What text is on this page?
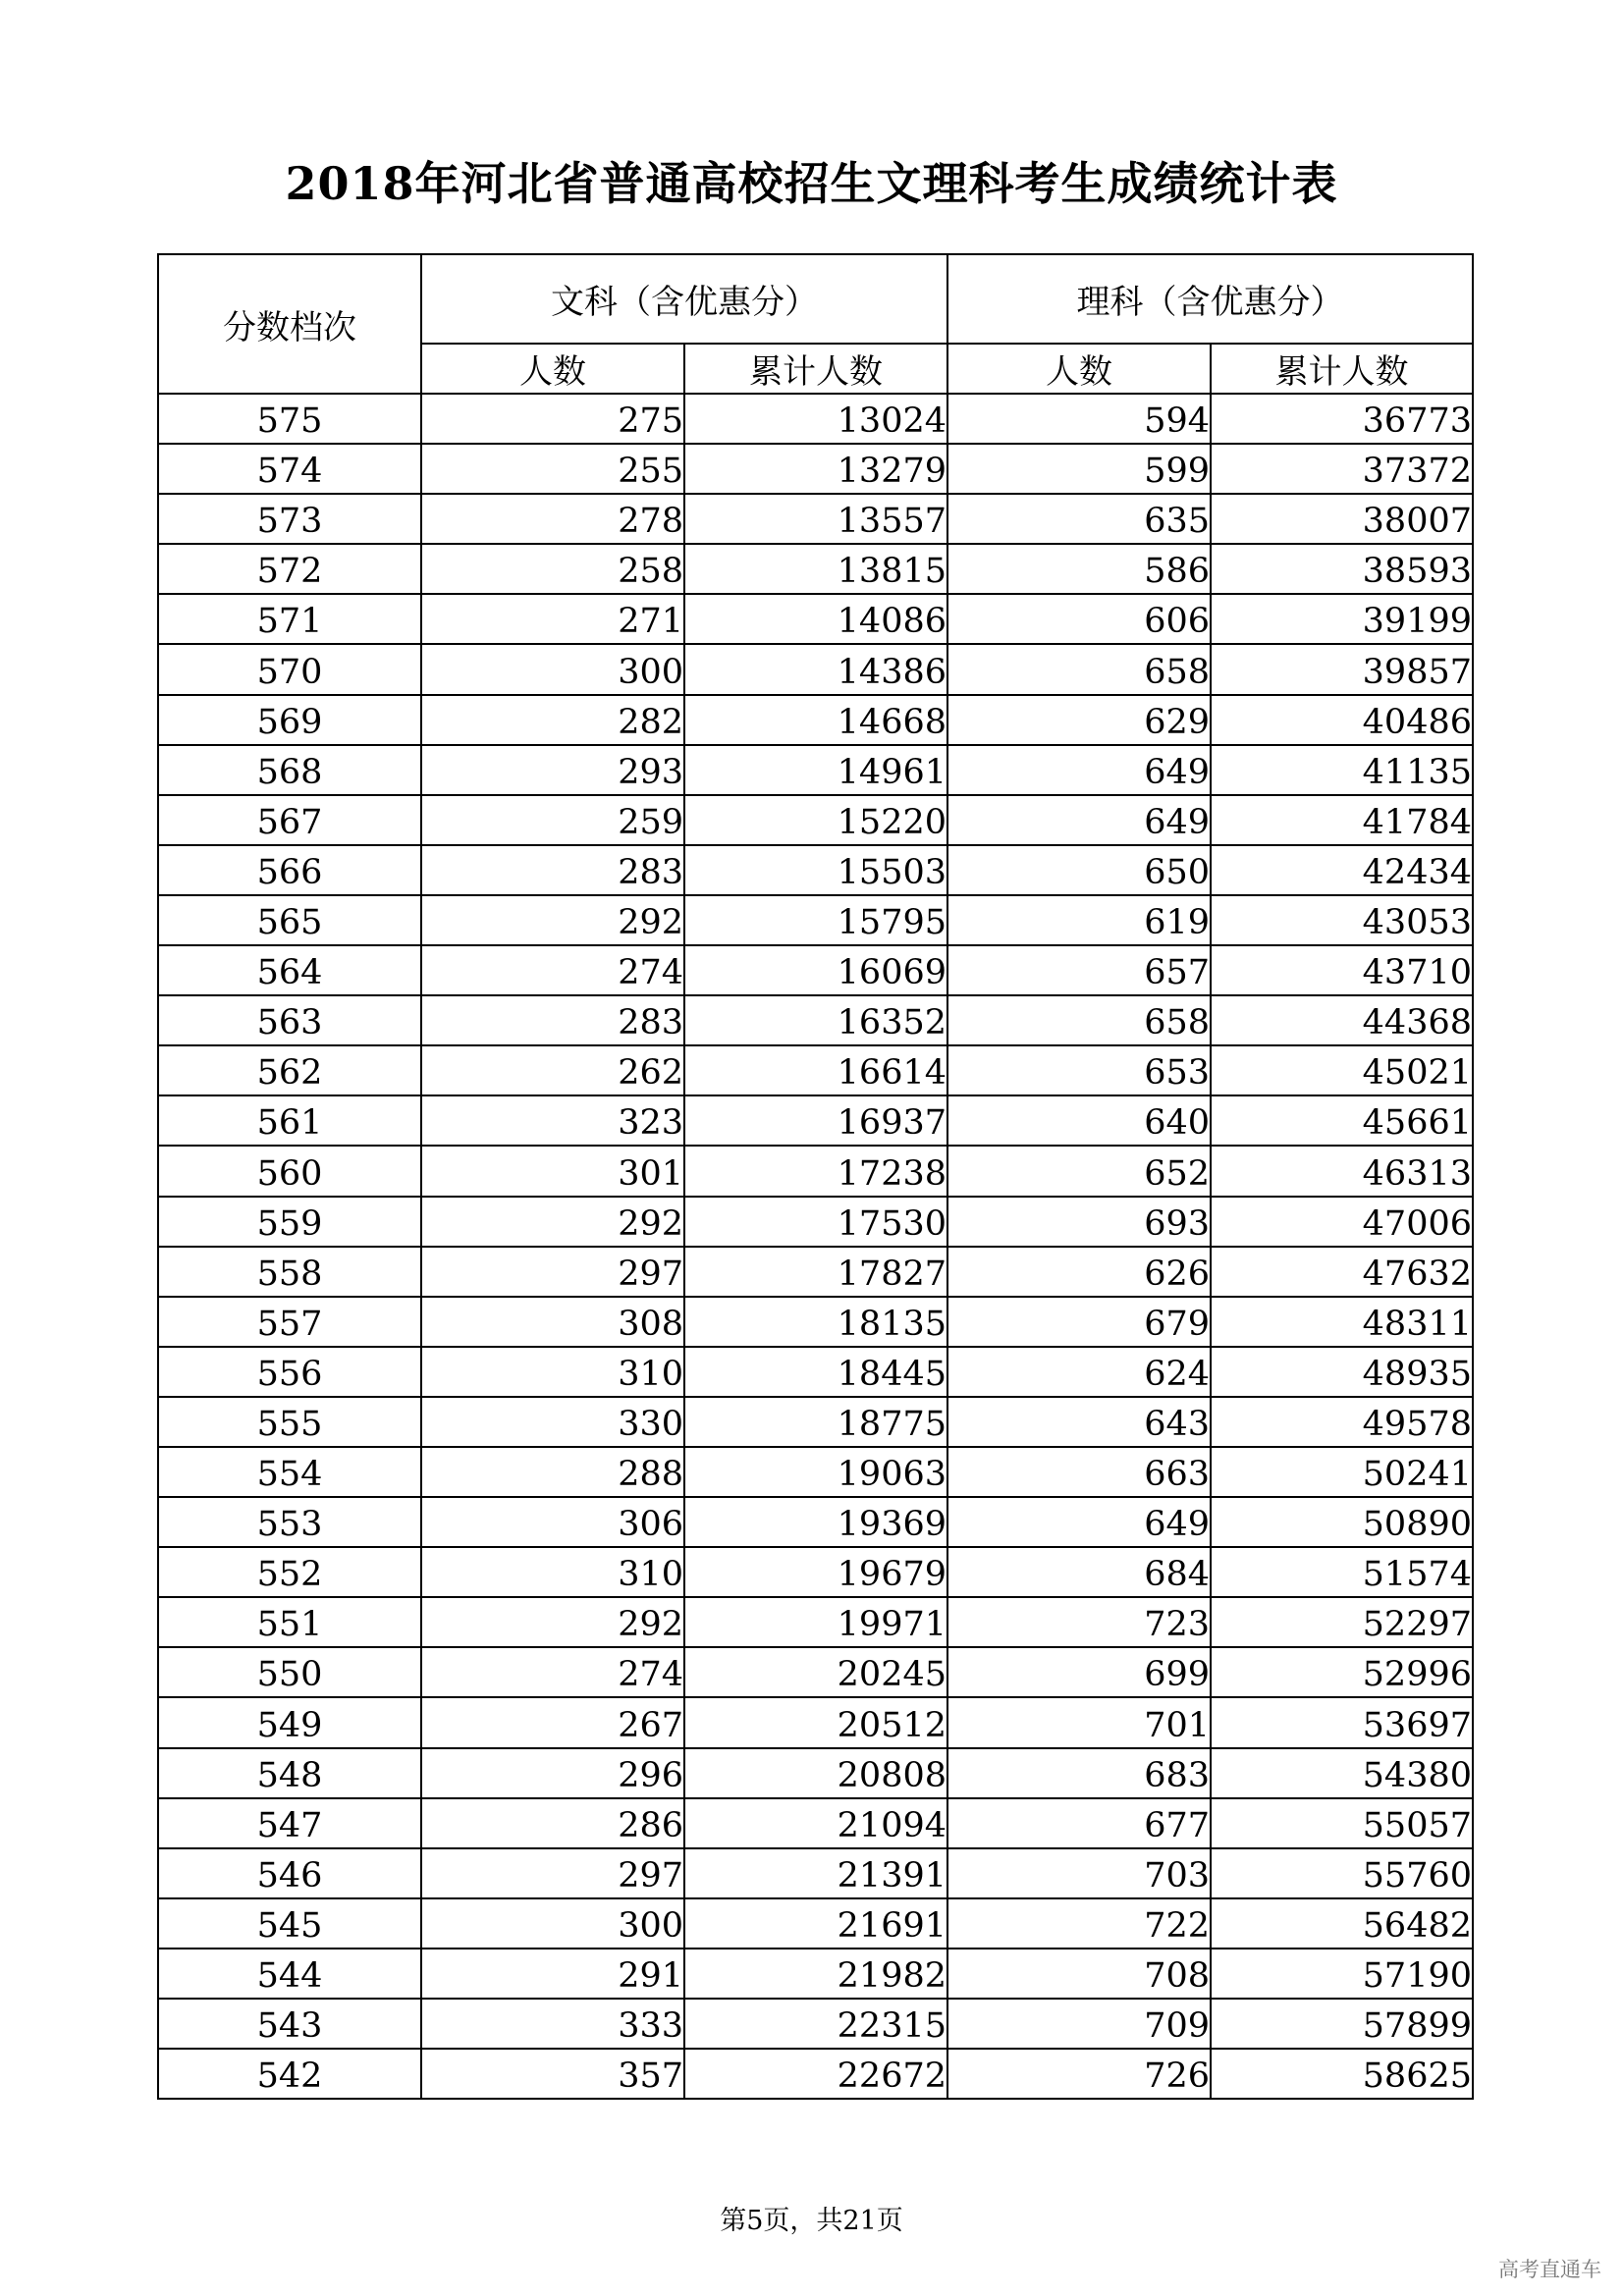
2018年河北省普通高校招生文理科考生成绩统计表
分数档次	文科（含优惠分）		理科（含优惠分）	
	人数	累计人数	人数	累计人数
575	275	13024	594	36773
574	255	13279	599	37372
573	278	13557	635	38007
572	258	13815	586	38593
571	271	14086	606	39199
570	300	14386	658	39857
569	282	14668	629	40486
568	293	14961	649	41135
567	259	15220	649	41784
566	283	15503	650	42434
565	292	15795	619	43053
564	274	16069	657	43710
563	283	16352	658	44368
562	262	16614	653	45021
561	323	16937	640	45661
560	301	17238	652	46313
559	292	17530	693	47006
558	297	17827	626	47632
557	308	18135	679	48311
556	310	18445	624	48935
555	330	18775	643	49578
554	288	19063	663	50241
553	306	19369	649	50890
552	310	19679	684	51574
551	292	19971	723	52297
550	274	20245	699	52996
549	267	20512	701	53697
548	296	20808	683	54380
547	286	21094	677	55057
546	297	21391	703	55760
545	300	21691	722	56482
544	291	21982	708	57190
543	333	22315	709	57899
542	357	22672	726	58625
第5页，共21页
高考直通车
